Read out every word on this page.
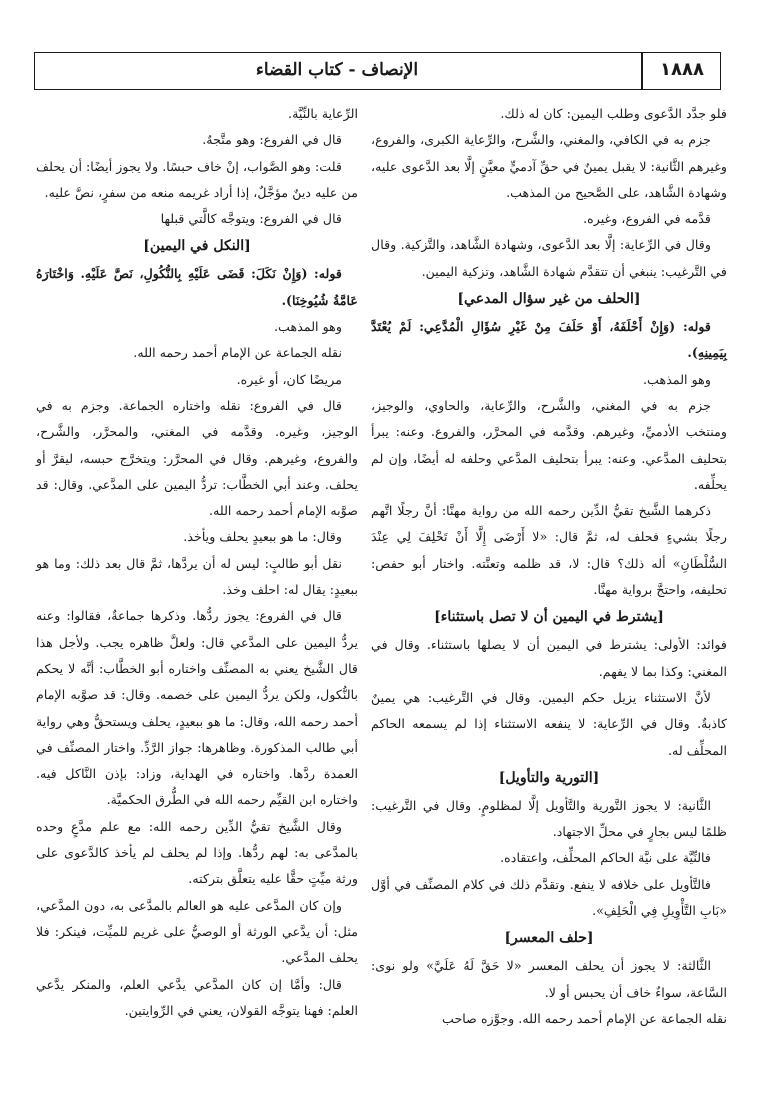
١٨٨٨
الإنصاف - كتاب القضاء

فلو جدَّد الدَّعوى وطلب اليمين: كان له ذلك.

جزم به في الكافي، والمغني، والشَّرح، والرِّعاية الكبرى، والفروع، وغيرهم الثَّانية: لا يقبل يمينٌ في حقِّ آدميٍّ معيَّنٍ إلَّا بعد الدَّعوى عليه، وشهادة الشَّاهد، على الصَّحيح من المذهب.

قدَّمه في الفروع، وغيره.

وقال في الرِّعاية: إلَّا بعد الدَّعوى، وشهادة الشَّاهد، والتَّزكية. وقال في التَّرغيب: ينبغي أن تتقدَّم شهادة الشَّاهد، وتزكية اليمين.

[الحلف من غير سؤال المدعي]

قوله: (وَإِنْ أَحْلَفَهُ، أَوْ حَلَفَ مِنْ غَيْرِ سُؤَالِ الْمُدَّعِي: لَمْ يُعْتَدَّ بِيَمِينِهِ).

وهو المذهب.

جزم به في المغني، والشَّرح، والرِّعاية، والحاوي، والوجيز، ومنتخب الأدميِّ، وغيرهم. وقدَّمه في المحرَّر، والفروع. وعنه: يبرأ بتحليف المدَّعي. وعنه: يبرأ بتحليف المدَّعي وحلفه له أيضًا، وإن لم يحلِّفه.

ذكرهما الشَّيخ تقيُّ الدِّين رحمه الله من رواية مهنَّا: أنَّ رجلًا اتَّهم رجلًا بشيءٍ فحلف له، ثمَّ قال: «لا أَرْضَى إِلَّا أَنْ تَحْلِفَ لِي عِنْدَ السُّلْطَانِ» أله ذلك؟ قال: لا، قد ظلمه وتعنَّته. واختار أبو حفص: تحليفه، واحتجَّ برواية مهنَّا.

[يشترط في اليمين أن لا تصل باستثناء]

فوائد: الأولى: يشترط في اليمين أن لا يصلها باستثناء. وقال في المغني: وكذا بما لا يفهم.

لأنَّ الاستثناء يزيل حكم اليمين. وقال في التَّرغيب: هي يمينٌ كاذبةٌ. وقال في الرِّعاية: لا ينفعه الاستثناء إذا لم يسمعه الحاكم المحلِّف له.

[التورية والتأويل]

الثَّانية: لا يجوز التَّورية والتَّأويل إلَّا لمظلومٍ. وقال في التَّرغيب: ظلمًا ليس بجارٍ في محلِّ الاجتهاد.

فالنِّيَّة على نيَّة الحاكم المحلِّف، واعتقاده.

فالتَّأويل على خلافه لا ينفع. وتقدَّم ذلك في كلام المصنِّف في أوَّل «بَابِ التَّأْوِيلِ فِي الْحَلِفِ».

[حلف المعسر]

الثَّالثة: لا يجوز أن يحلف المعسر «لا حَقَّ لَهُ عَلَيَّ» ولو نوى: السَّاعة، سواءٌ خاف أن يحبس أو لا.

نقله الجماعة عن الإمام أحمد رحمه الله. وجوَّزه صاحب

الرِّعاية بالنِّيَّة.

قال في الفروع: وهو متَّجهٌ.

قلت: وهو الصَّواب، إنْ خاف حبسًا. ولا يجوز أيضًا: أن يحلف من عليه دينٌ مؤجَّلٌ، إذا أراد غريمه منعه من سفرٍ، نصَّ عليه.

قال في الفروع: ويتوجَّه كالَّتي قبلها

[النكل في اليمين]

قوله: (وَإِنْ نَكَلَ: قَضَى عَلَيْهِ بِالنُّكُولِ، نَصَّ عَلَيْهِ. وَاخْتَارَهُ عَامَّةُ شُيُوخِنَا).

وهو المذهب.

نقله الجماعة عن الإمام أحمد رحمه الله.

مريضًا كان، أو غيره.

قال في الفروع: نقله واختاره الجماعة. وجزم به في الوجيز، وغيره. وقدَّمه في المغني، والمحرَّر، والشَّرح، والفروع، وغيرهم. وقال في المحرَّر: ويتخرَّج حبسه، ليقرَّ أو يحلف. وعند أبي الخطَّاب: تردُّ اليمين على المدَّعي. وقال: قد صوَّبه الإمام أحمد رحمه الله.

وقال: ما هو ببعيدٍ يحلف ويأخذ.

نقل أبو طالبٍ: ليس له أن يردَّها، ثمَّ قال بعد ذلك: وما هو ببعيدٍ: يقال له: احلف وخذ.

قال في الفروع: يجوز ردُّها. وذكرها جماعةٌ، فقالوا: وعنه يردُّ اليمين على المدَّعي قال: ولعلَّ ظاهره يجب. ولأجل هذا قال الشَّيخ يعني به المصنِّف واختاره أبو الخطَّاب: أنَّه لا يحكم بالنُّكول، ولكن يردُّ اليمين على خصمه. وقال: قد صوَّبه الإمام أحمد رحمه الله، وقال: ما هو ببعيدٍ، يحلف ويستحقُّ وهي رواية أبي طالب المذكورة. وظاهرها: جواز الرَّدِّ. واختار المصنِّف في العمدة ردَّها. واختاره في الهداية، وزاد: بإذن النَّاكل فيه. واختاره ابن القيِّم رحمه الله في الطُّرق الحكميَّة.

وقال الشَّيخ تقيُّ الدِّين رحمه الله: مع علم مدَّعٍ وحده بالمدَّعى به: لهم ردُّها. وإذا لم يحلف لم يأخذ كالدَّعوى على ورثة ميِّتٍ حقًّا عليه يتعلَّق بتركته.

وإن كان المدَّعى عليه هو العالم بالمدَّعى به، دون المدَّعي، مثل: أن يدَّعي الورثة أو الوصيُّ على غريم للميِّت، فينكر: فلا يحلف المدَّعي.

قال: وأمَّا إن كان المدَّعي يدَّعي العلم، والمنكر يدَّعي العلم: فهنا يتوجَّه القولان، يعني في الرِّوايتين.
